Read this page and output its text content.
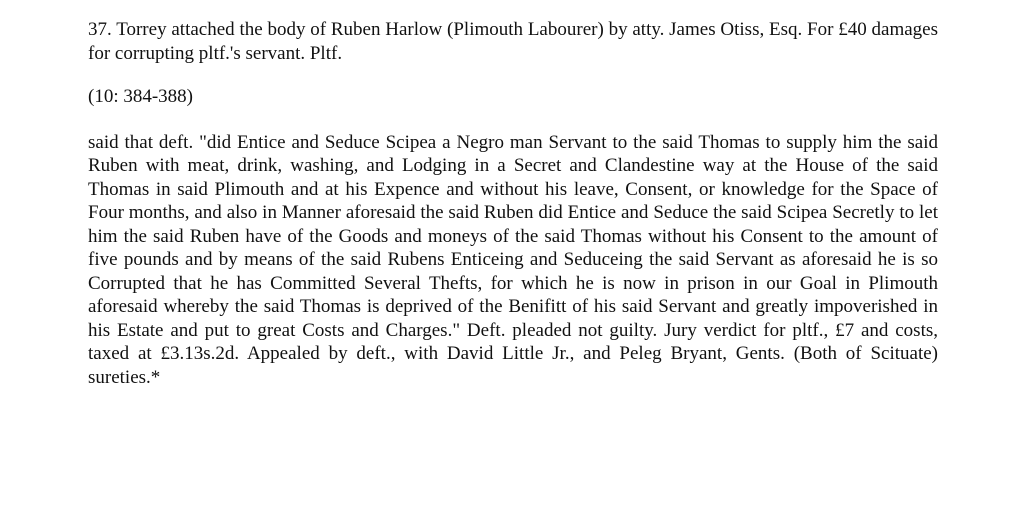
37. Torrey attached the body of Ruben Harlow (Plimouth Labourer) by atty. James Otiss, Esq. For £40 damages for corrupting pltf.'s servant. Pltf.

(10: 384-388)

said that deft. "did Entice and Seduce Scipea a Negro man Servant to the said Thomas to supply him the said Ruben with meat, drink, washing, and Lodging in a Secret and Clandestine way at the House of the said Thomas in said Plimouth and at his Expence and without his leave, Consent, or knowledge for the Space of Four months, and also in Manner aforesaid the said Ruben did Entice and Seduce the said Scipea Secretly to let him the said Ruben have of the Goods and moneys of the said Thomas without his Consent to the amount of five pounds and by means of the said Rubens Enticeing and Seduceing the said Servant as aforesaid he is so Corrupted that he has Committed Several Thefts, for which he is now in prison in our Goal in Plimouth aforesaid whereby the said Thomas is deprived of the Benifitt of his said Servant and greatly impoverished in his Estate and put to great Costs and Charges." Deft. pleaded not guilty. Jury verdict for pltf., £7 and costs, taxed at £3.13s.2d. Appealed by deft., with David Little Jr., and Peleg Bryant, Gents. (Both of Scituate) sureties.*
